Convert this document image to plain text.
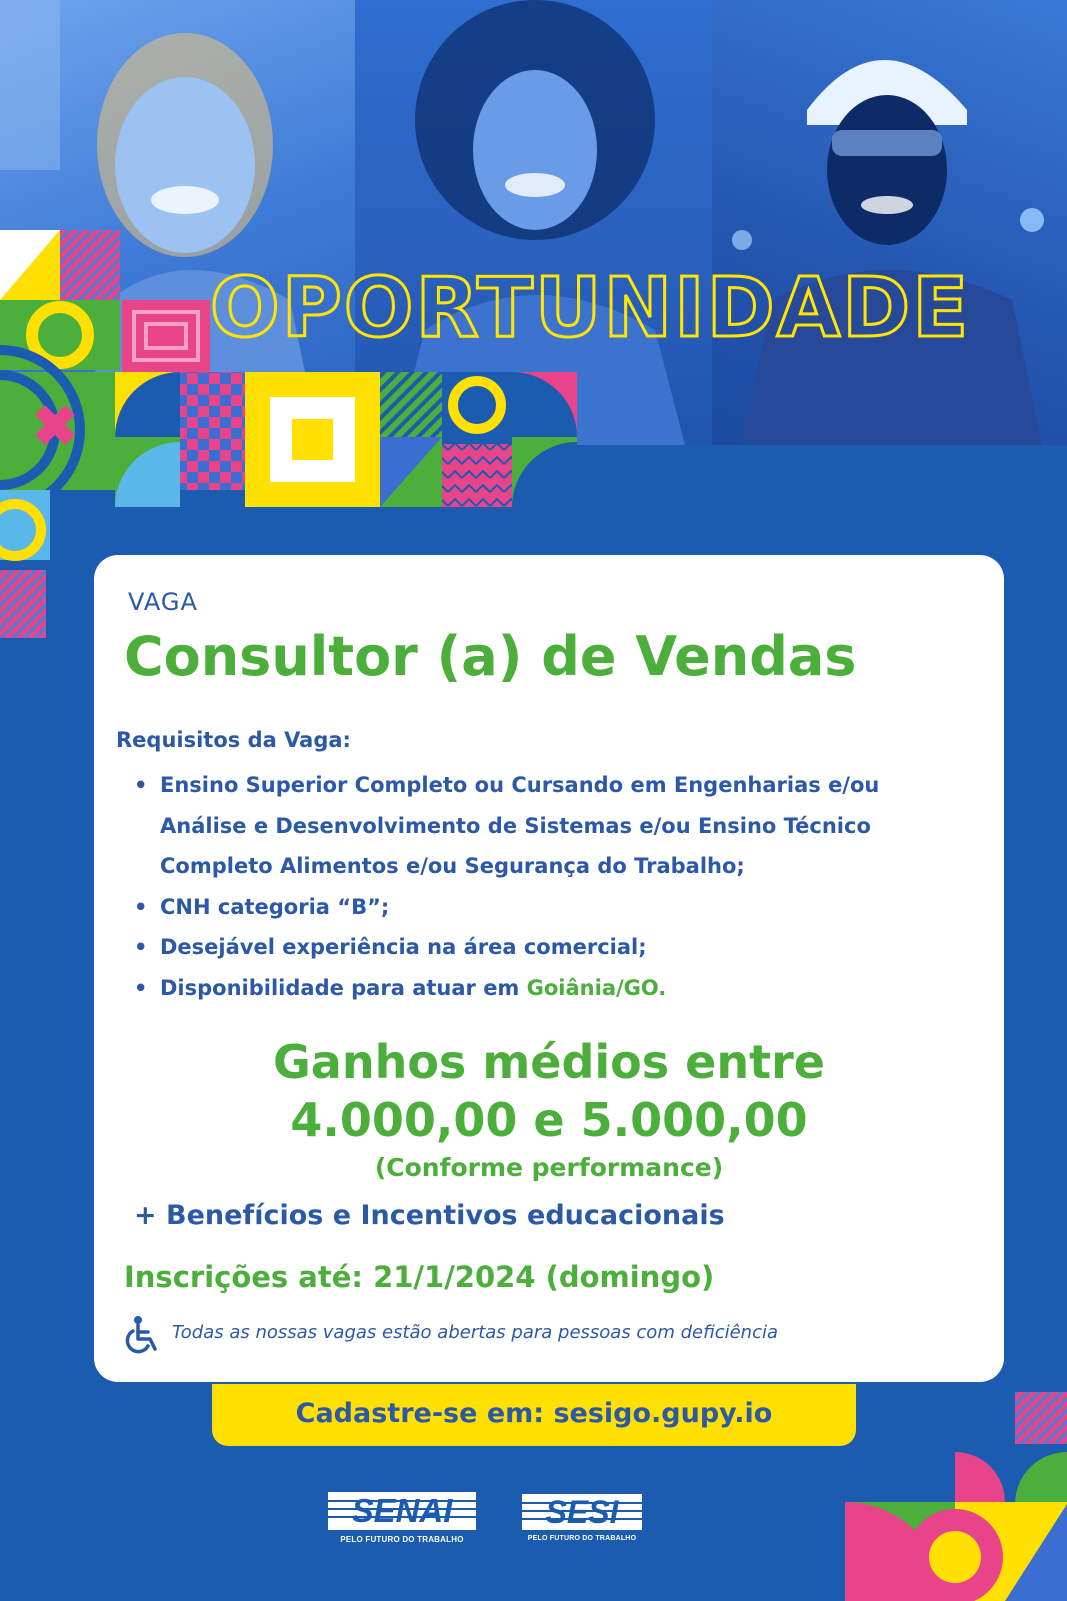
OPORTUNIDADE
VAGA
Consultor (a) de Vendas
Requisitos da Vaga:
• Ensino Superior Completo ou Cursando em Engenharias e/ou Análise e Desenvolvimento de Sistemas e/ou Ensino Técnico Completo Alimentos e/ou Segurança do Trabalho;
• CNH categoria “B”;
• Desejável experiência na área comercial;
• Disponibilidade para atuar em Goiânia/GO.
Ganhos médios entre
4.000,00 e 5.000,00
(Conforme performance)
+ Benefícios e Incentivos educacionais
Inscrições até: 21/1/2024 (domingo)
Todas as nossas vagas estão abertas para pessoas com deficiência
Cadastre-se em: sesigo.gupy.io
SENAI
PELO FUTURO DO TRABALHO
SESI
PELO FUTURO DO TRABALHO
